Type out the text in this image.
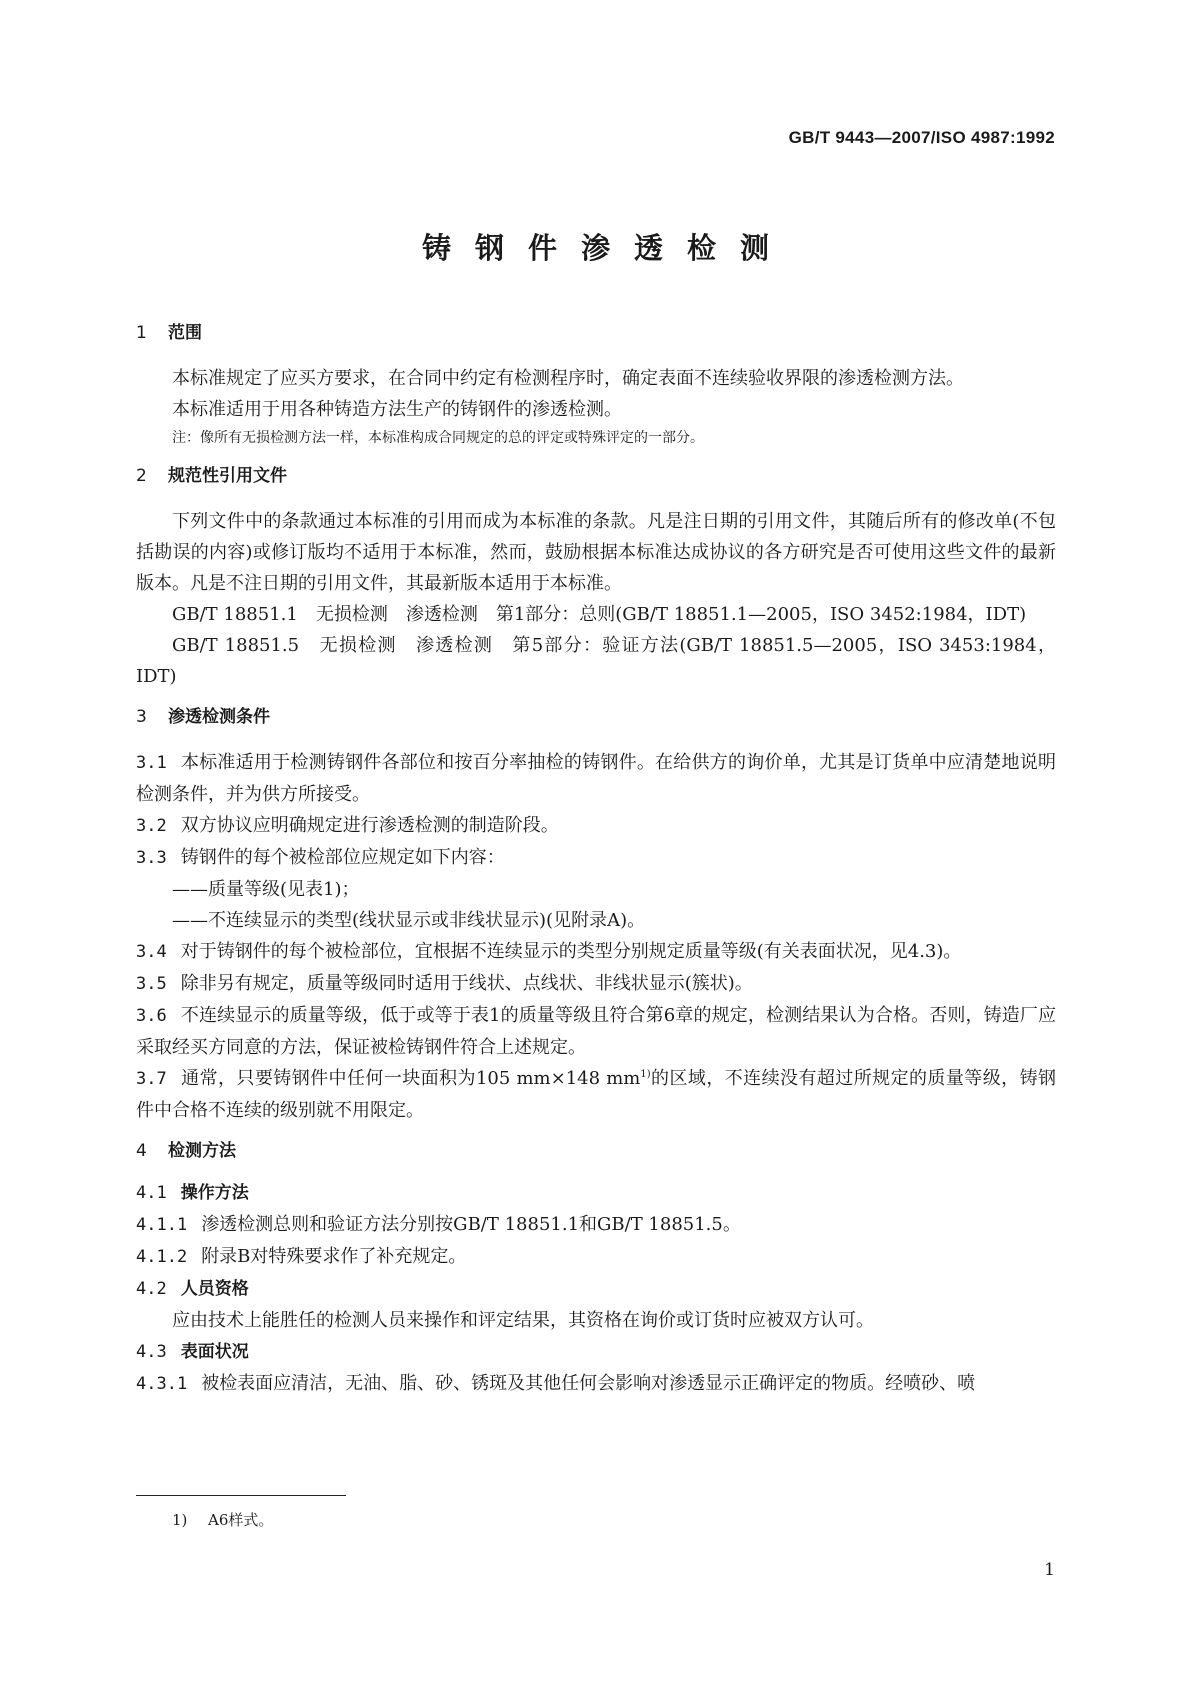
GB/T 9443—2007/ISO 4987:1992
铸钢件渗透检测
1 范围

本标准规定了应买方要求，在合同中约定有检测程序时，确定表面不连续验收界限的渗透检测方法。

本标准适用于用各种铸造方法生产的铸钢件的渗透检测。

注：像所有无损检测方法一样，本标准构成合同规定的总的评定或特殊评定的一部分。

2 规范性引用文件

下列文件中的条款通过本标准的引用而成为本标准的条款。凡是注日期的引用文件，其随后所有的修改单(不包括勘误的内容)或修订版均不适用于本标准，然而，鼓励根据本标准达成协议的各方研究是否可使用这些文件的最新版本。凡是不注日期的引用文件，其最新版本适用于本标准。

GB/T 18851.1　无损检测　渗透检测　第1部分：总则(GB/T 18851.1—2005，ISO 3452:1984，IDT)

GB/T 18851.5　无损检测　渗透检测　第5部分：验证方法(GB/T 18851.5—2005，ISO 3453:1984，IDT)

3 渗透检测条件

3.1 本标准适用于检测铸钢件各部位和按百分率抽检的铸钢件。在给供方的询价单，尤其是订货单中应清楚地说明检测条件，并为供方所接受。

3.2 双方协议应明确规定进行渗透检测的制造阶段。

3.3 铸钢件的每个被检部位应规定如下内容：

——质量等级(见表1)；

——不连续显示的类型(线状显示或非线状显示)(见附录A)。

3.4 对于铸钢件的每个被检部位，宜根据不连续显示的类型分别规定质量等级(有关表面状况，见4.3)。

3.5 除非另有规定，质量等级同时适用于线状、点线状、非线状显示(簇状)。

3.6 不连续显示的质量等级，低于或等于表1的质量等级且符合第6章的规定，检测结果认为合格。否则，铸造厂应采取经买方同意的方法，保证被检铸钢件符合上述规定。

3.7 通常，只要铸钢件中任何一块面积为105 mm×148 $mm^{1)}$的区域，不连续没有超过所规定的质量等级，铸钢件中合格不连续的级别就不用限定。

4 检测方法

4.1 操作方法

4.1.1 渗透检测总则和验证方法分别按GB/T 18851.1和GB/T 18851.5。

4.1.2 附录B对特殊要求作了补充规定。

4.2 人员资格

应由技术上能胜任的检测人员来操作和评定结果，其资格在询价或订货时应被双方认可。

4.3 表面状况

4.3.1 被检表面应清洁，无油、脂、砂、锈斑及其他任何会影响对渗透显示正确评定的物质。经喷砂、喷

1) A6样式。
1
